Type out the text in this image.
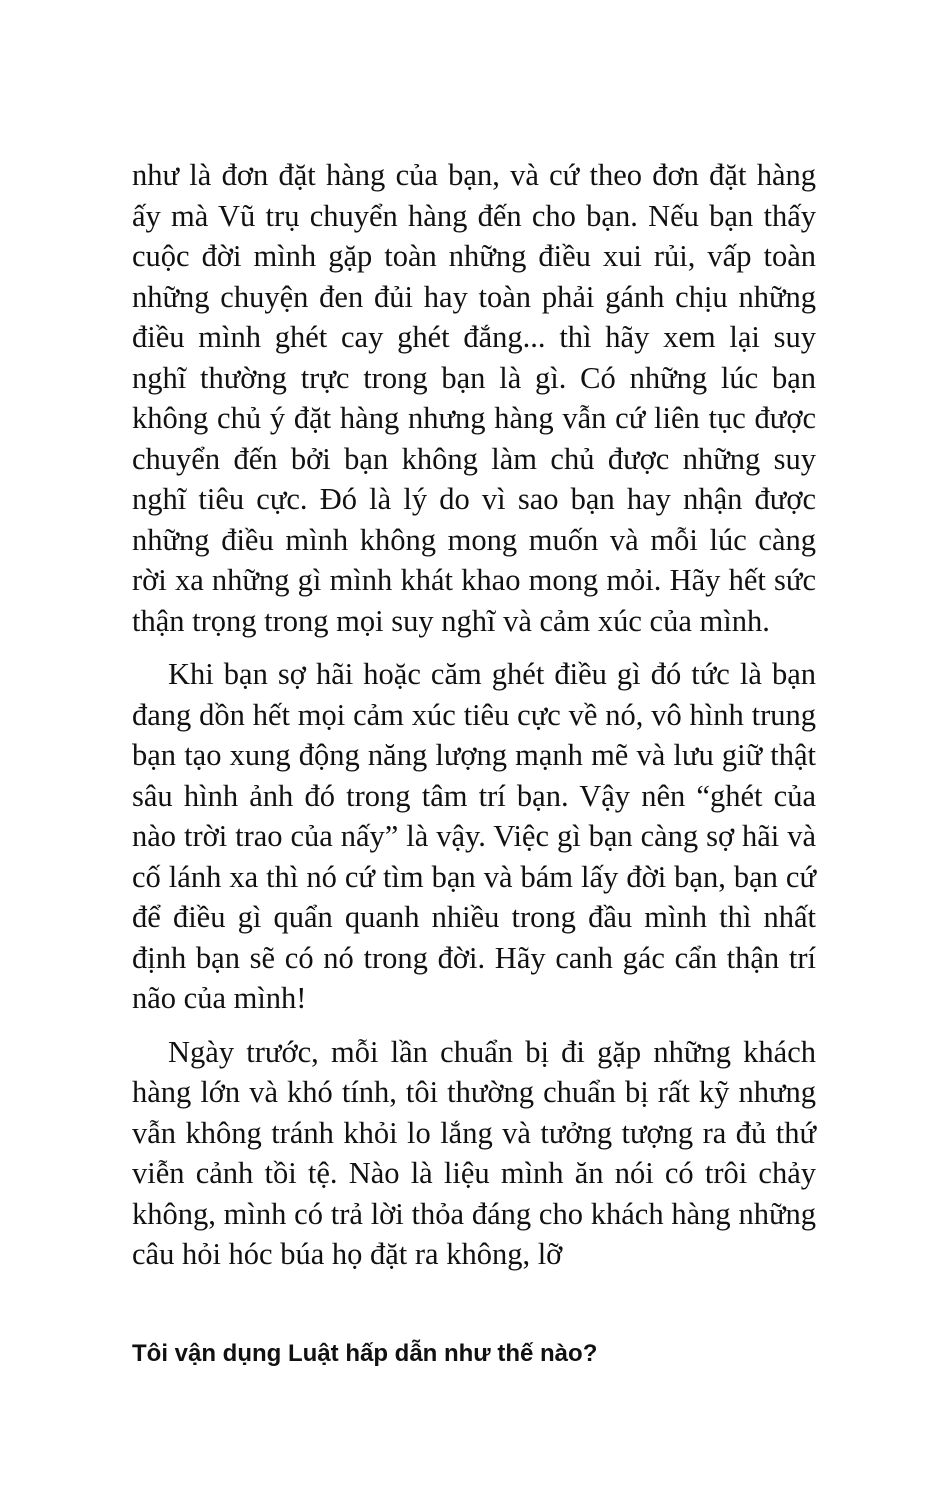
như là đơn đặt hàng của bạn, và cứ theo đơn đặt hàng ấy mà Vũ trụ chuyển hàng đến cho bạn. Nếu bạn thấy cuộc đời mình gặp toàn những điều xui rủi, vấp toàn những chuyện đen đủi hay toàn phải gánh chịu những điều mình ghét cay ghét đắng... thì hãy xem lại suy nghĩ thường trực trong bạn là gì. Có những lúc bạn không chủ ý đặt hàng nhưng hàng vẫn cứ liên tục được chuyển đến bởi bạn không làm chủ được những suy nghĩ tiêu cực. Đó là lý do vì sao bạn hay nhận được những điều mình không mong muốn và mỗi lúc càng rời xa những gì mình khát khao mong mỏi. Hãy hết sức thận trọng trong mọi suy nghĩ và cảm xúc của mình.

Khi bạn sợ hãi hoặc căm ghét điều gì đó tức là bạn đang dồn hết mọi cảm xúc tiêu cực về nó, vô hình trung bạn tạo xung động năng lượng mạnh mẽ và lưu giữ thật sâu hình ảnh đó trong tâm trí bạn. Vậy nên “ghét của nào trời trao của nấy” là vậy. Việc gì bạn càng sợ hãi và cố lánh xa thì nó cứ tìm bạn và bám lấy đời bạn, bạn cứ để điều gì quẩn quanh nhiều trong đầu mình thì nhất định bạn sẽ có nó trong đời. Hãy canh gác cẩn thận trí não của mình!

Ngày trước, mỗi lần chuẩn bị đi gặp những khách hàng lớn và khó tính, tôi thường chuẩn bị rất kỹ nhưng vẫn không tránh khỏi lo lắng và tưởng tượng ra đủ thứ viễn cảnh tồi tệ. Nào là liệu mình ăn nói có trôi chảy không, mình có trả lời thỏa đáng cho khách hàng những câu hỏi hóc búa họ đặt ra không, lỡ

Tôi vận dụng Luật hấp dẫn như thế nào?
